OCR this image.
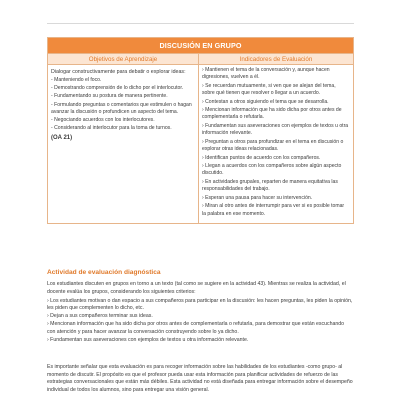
DISCUSIÓN EN GRUPO
Objetivos de Aprendizaje	Indicadores de Evaluación
Dialogar constructivamente para debatir o explorar ideas:
- Manteniendo el foco.
- Demostrando comprensión de lo dicho por el interlocutor.
- Fundamentando su postura de manera pertinente.
- Formulando preguntas o comentarios que estimulen o hagan avanzar la discusión o profundicen un aspecto del tema.
- Negociando acuerdos con los interlocutores.
- Considerando al interlocutor para la toma de turnos.
(OA 21)
› Mantienen el tema de la conversación y, aunque hacen digresiones, vuelven a él.
› Se recuerdan mutuamente, si ven que se alejan del tema, sobre qué tienen que resolver o llegar a un acuerdo.
› Contestan a otros siguiendo el tema que se desarrolla.
› Mencionan información que ha sido dicha por otros antes de complementarla o refutarla.
› Fundamentan sus aseveraciones con ejemplos de textos u otra información relevante.
› Preguntan a otros para profundizar en el tema en discusión o explorar otras ideas relacionadas.
› Identifican puntos de acuerdo con los compañeros.
› Llegan a acuerdos con los compañeros sobre algún aspecto discutido.
› En actividades grupales, reparten de manera equitativa las responsabilidades del trabajo.
› Esperan una pausa para hacer su intervención.
› Miran al otro antes de interrumpir para ver si es posible tomar la palabra en ese momento.
Actividad de evaluación diagnóstica
Los estudiantes discuten en grupos en torno a un texto (tal como se sugiere en la actividad 43). Mientras se realiza la actividad, el docente evalúa los grupos, considerando los siguientes criterios:
› Los estudiantes motivan o dan espacio a sus compañeros para participar en la discusión: les hacen preguntas, les piden la opinión, les piden que complementen lo dicho, etc.
› Dejan a sus compañeros terminar sus ideas.
› Mencionan información que ha sido dicha por otros antes de complementarla o refutarla, para demostrar que están escuchando con atención y para hacer avanzar la conversación construyendo sobre lo ya dicho.
› Fundamentan sus aseveraciones con ejemplos de textos u otra información relevante.
Es importante señalar que esta evaluación es para recoger información sobre las habilidades de los estudiantes -como grupo- al momento de discutir. El propósito es que el profesor pueda usar esta información para planificar actividades de refuerzo de las estrategias conversacionales que están más débiles. Esta actividad no está diseñada para entregar información sobre el desempeño individual de todos los alumnos, sino para entregar una visión general.
